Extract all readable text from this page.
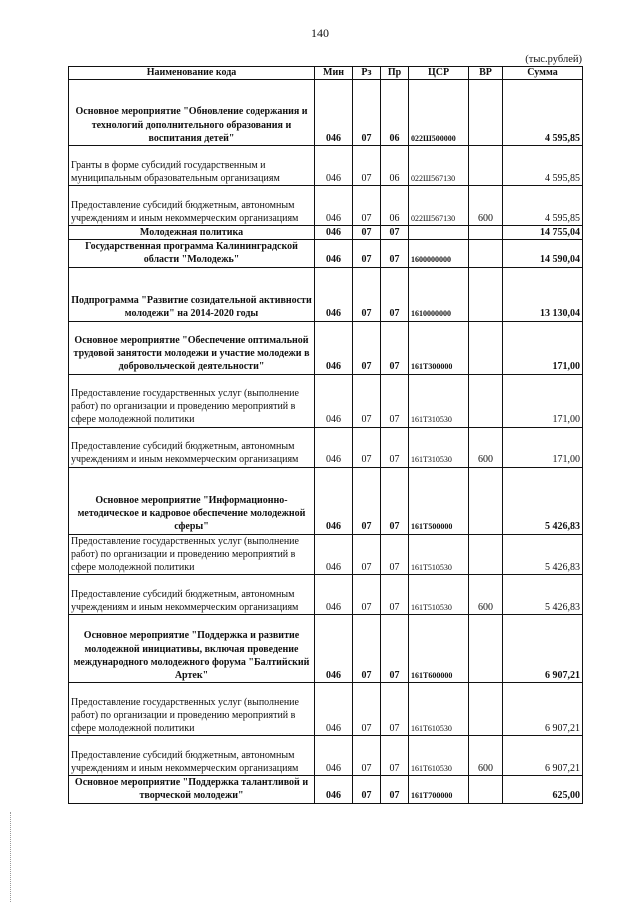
140
(тыс.рублей)
Наименование кода	Мин	Рз	Пр	ЦСР	ВР	Сумма
Основное мероприятие "Обновление содержания и технологий дополнительного образования и воспитания детей"	046	07	06	022Ш500000		4 595,85
Гранты в форме субсидий государственным и муниципальным образовательным организациям	046	07	06	022Ш567130		4 595,85
Предоставление субсидий бюджетным, автономным учреждениям и иным некоммерческим организациям	046	07	06	022Ш567130	600	4 595,85
Молодежная политика	046	07	07			14 755,04
Государственная программа Калининградской области "Молодежь"	046	07	07	1600000000		14 590,04
Подпрограмма "Развитие созидательной активности молодежи" на 2014-2020 годы	046	07	07	1610000000		13 130,04
Основное мероприятие "Обеспечение оптимальной трудовой занятости молодежи и участие молодежи в добровольческой деятельности"	046	07	07	161Т300000		171,00
Предоставление государственных услуг (выполнение работ) по организации и проведению мероприятий в сфере молодежной политики	046	07	07	161Т310530		171,00
Предоставление субсидий бюджетным, автономным учреждениям и иным некоммерческим организациям	046	07	07	161Т310530	600	171,00
Основное мероприятие "Информационно-методическое и кадровое обеспечение молодежной сферы"	046	07	07	161Т500000		5 426,83
Предоставление государственных услуг (выполнение работ) по организации и проведению мероприятий в сфере молодежной политики	046	07	07	161Т510530		5 426,83
Предоставление субсидий бюджетным, автономным учреждениям и иным некоммерческим организациям	046	07	07	161Т510530	600	5 426,83
Основное мероприятие "Поддержка и развитие молодежной инициативы, включая проведение международного молодежного форума "Балтийский Артек"	046	07	07	161Т600000		6 907,21
Предоставление государственных услуг (выполнение работ) по организации и проведению мероприятий в сфере молодежной политики	046	07	07	161Т610530		6 907,21
Предоставление субсидий бюджетным, автономным учреждениям и иным некоммерческим организациям	046	07	07	161Т610530	600	6 907,21
Основное мероприятие "Поддержка талантливой и творческой молодежи"	046	07	07	161Т700000		625,00
